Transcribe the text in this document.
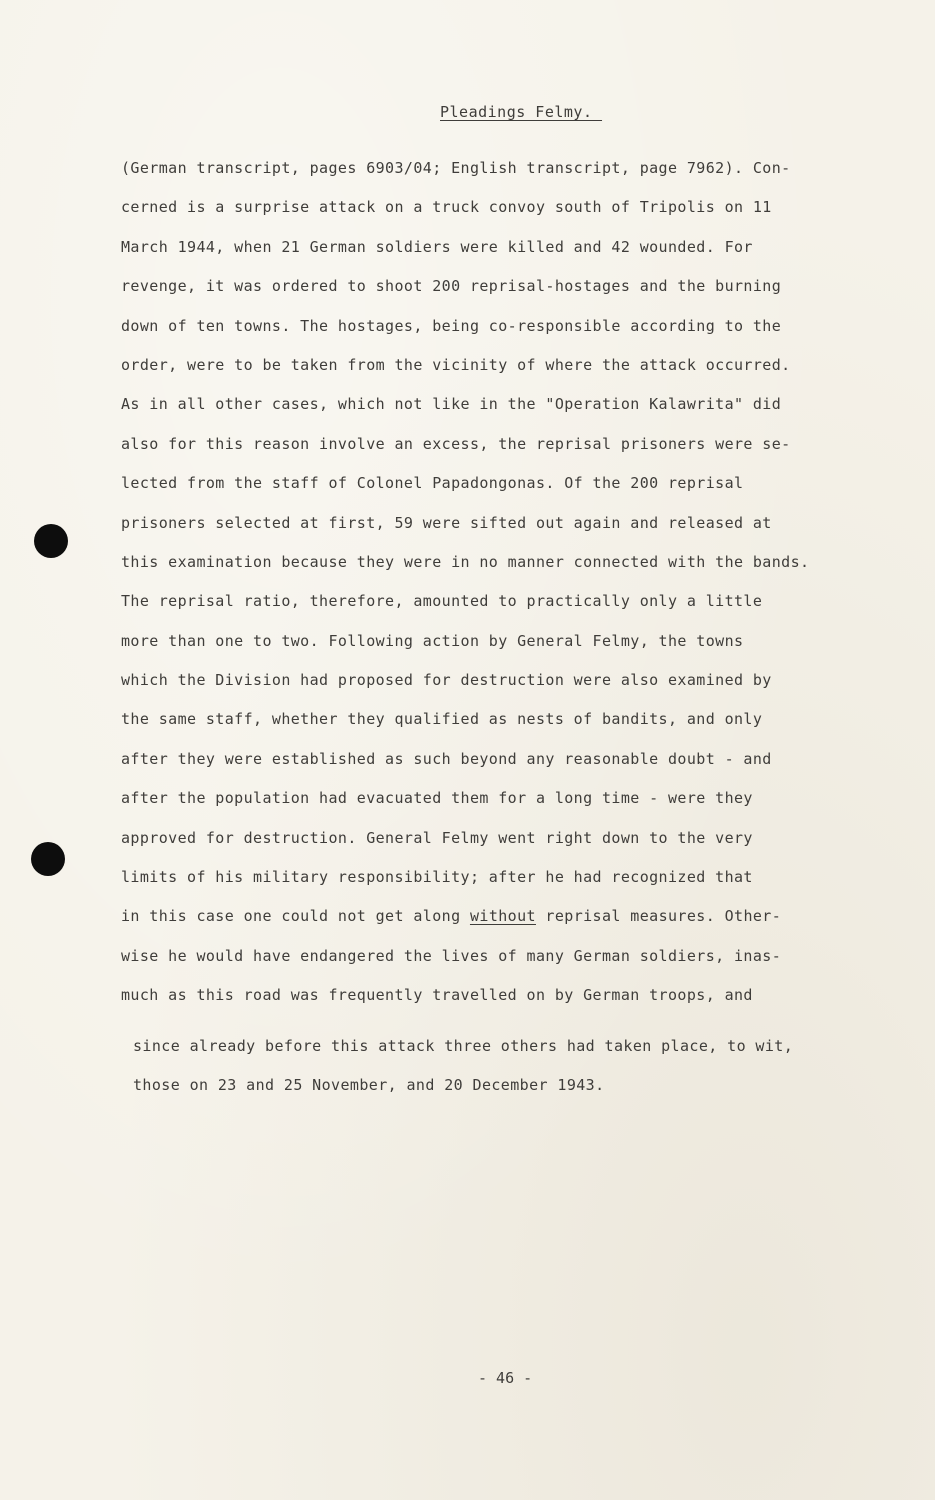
Pleadings Felmy._
(German transcript, pages 6903/04; English transcript, page 7962). Con-
cerned is a surprise attack on a truck convoy south of Tripolis on 11
March 1944, when 21 German soldiers were killed and 42 wounded. For
revenge, it was ordered to shoot 200 reprisal-hostages and the burning
down of ten towns. The hostages, being co-responsible according to the
order, were to be taken from the vicinity of where the attack occurred.
As in all other cases, which not like in the "Operation Kalawrita" did
also for this reason involve an excess, the reprisal prisoners were se-
lected from the staff of Colonel Papadongonas. Of the 200 reprisal
prisoners selected at first, 59 were sifted out again and released at
this examination because they were in no manner connected with the bands.
The reprisal ratio, therefore, amounted to practically only a little
more than one to two. Following action by General Felmy, the towns
which the Division had proposed for destruction were also examined by
the same staff, whether they qualified as nests of bandits, and only
after they were established as such beyond any reasonable doubt - and
after the population had evacuated them for a long time - were they
approved for destruction. General Felmy went right down to the very
limits of his military responsibility; after he had recognized that
in this case one could not get along without reprisal measures. Other-
wise he would have endangered the lives of many German soldiers, inas-
much as this road was frequently travelled on by German troops, and
since already before this attack three others had taken place, to wit,
those on 23 and 25 November, and 20 December 1943.
- 46 -
